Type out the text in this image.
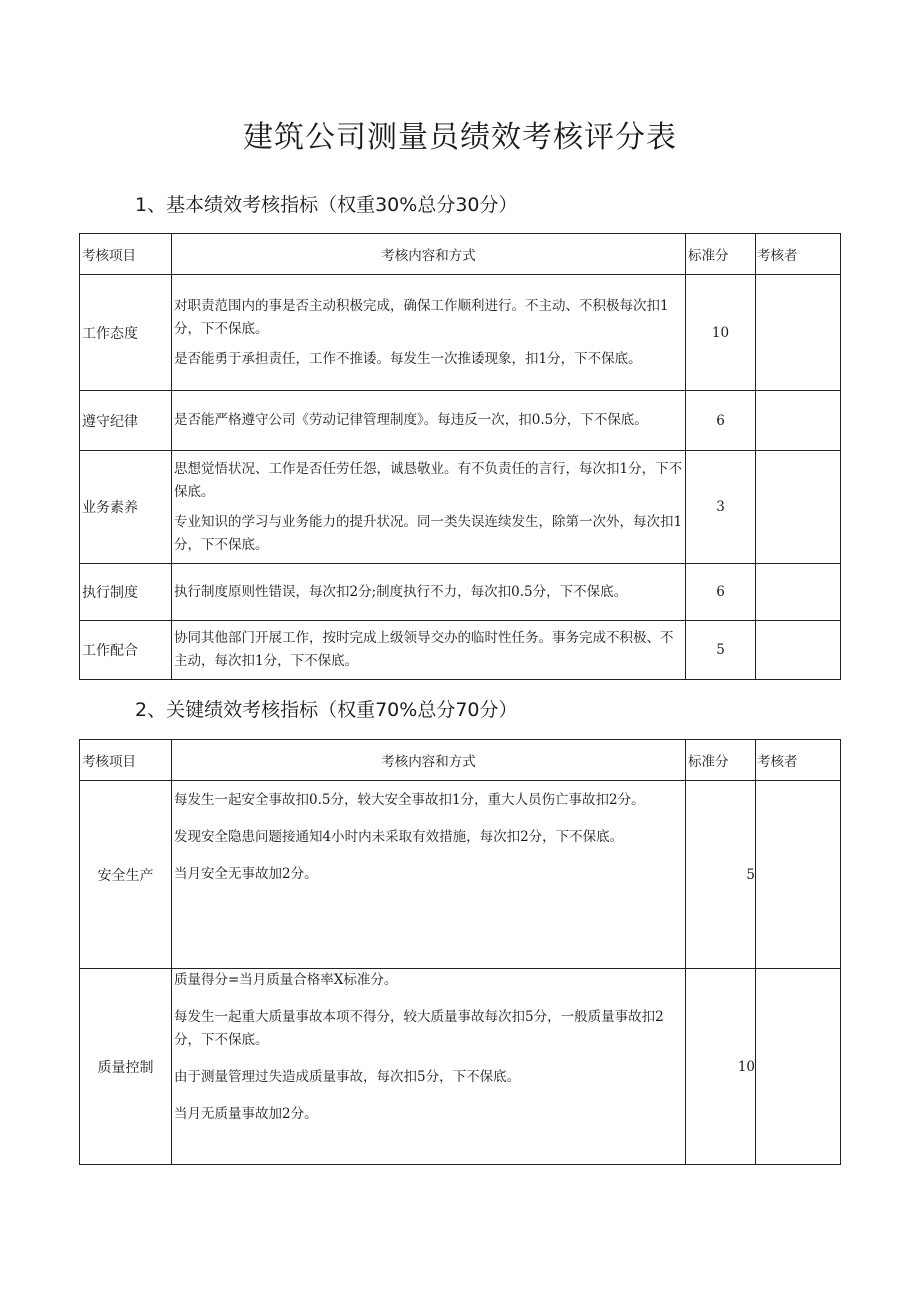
建筑公司测量员绩效考核评分表
1、基本绩效考核指标（权重30%总分30分）
考核项目	考核内容和方式	标准分	考核者
工作态度	对职责范围内的事是否主动积极完成，确保工作顺利进行。不主动、不积极每次扣1分，下不保底。

是否能勇于承担责任，工作不推诿。每发生一次推诿现象，扣1分，下不保底。	10	
遵守纪律	是否能严格遵守公司《劳动记律管理制度》。每违反一次，扣0.5分，下不保底。	6	
业务素养	思想觉悟状况、工作是否任劳任怨，诚恳敬业。有不负责任的言行，每次扣1分，下不保底。

专业知识的学习与业务能力的提升状况。同一类失误连续发生，除第一次外，每次扣1分，下不保底。	3	
执行制度	执行制度原则性错误，每次扣2分;制度执行不力，每次扣0.5分，下不保底。	6	
工作配合	协同其他部门开展工作，按时完成上级领导交办的临时性任务。事务完成不积极、不主动，每次扣1分，下不保底。	5	
2、关键绩效考核指标（权重70%总分70分）
考核项目	考核内容和方式	标准分	考核者
安全生产	每发生一起安全事故扣0.5分，较大安全事故扣1分，重大人员伤亡事故扣2分。

发现安全隐患问题接通知4小时内未采取有效措施，每次扣2分，下不保底。

当月安全无事故加2分。	5	
质量控制	质量得分=当月质量合格率X标准分。

每发生一起重大质量事故本项不得分，较大质量事故每次扣5分，一般质量事故扣2分，下不保底。

由于测量管理过失造成质量事故，每次扣5分，下不保底。

当月无质量事故加2分。	10	
